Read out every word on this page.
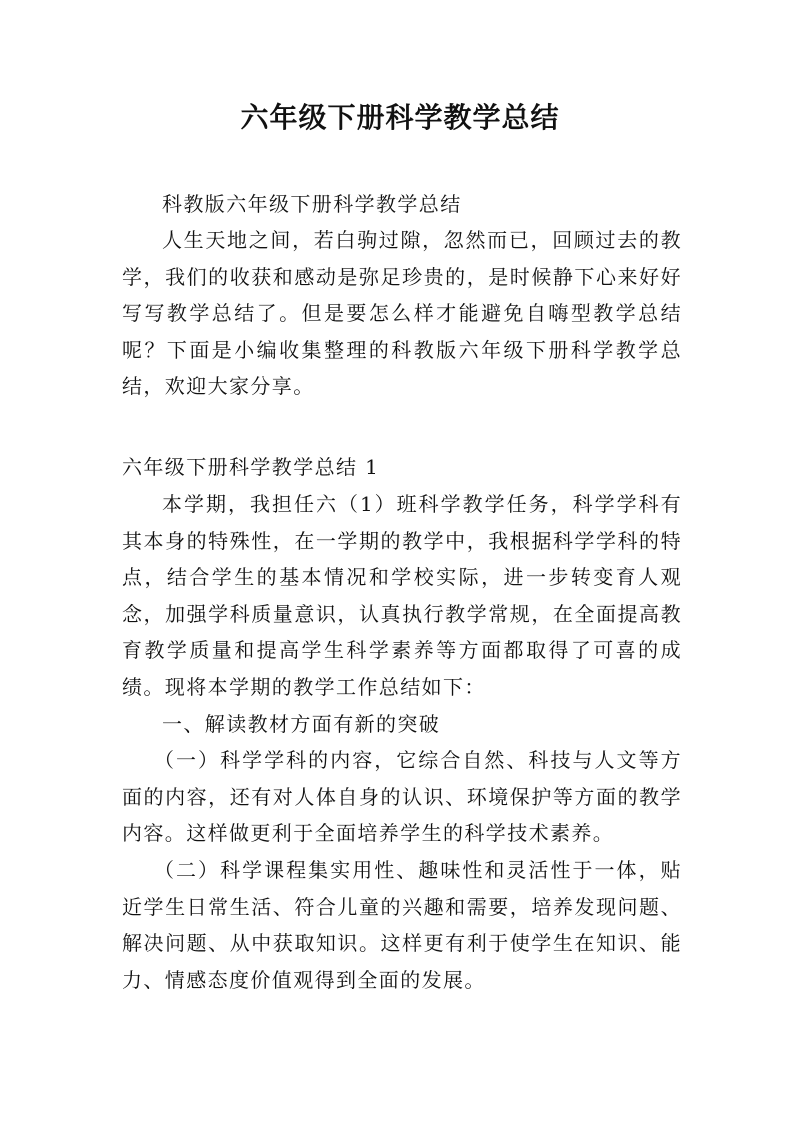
六年级下册科学教学总结

科教版六年级下册科学教学总结

人生天地之间，若白驹过隙，忽然而已，回顾过去的教学，我们的收获和感动是弥足珍贵的，是时候静下心来好好写写教学总结了。但是要怎么样才能避免自嗨型教学总结呢？下面是小编收集整理的科教版六年级下册科学教学总结，欢迎大家分享。

六年级下册科学教学总结 1

本学期，我担任六（1）班科学教学任务，科学学科有其本身的特殊性，在一学期的教学中，我根据科学学科的特点，结合学生的基本情况和学校实际，进一步转变育人观念，加强学科质量意识，认真执行教学常规，在全面提高教育教学质量和提高学生科学素养等方面都取得了可喜的成绩。现将本学期的教学工作总结如下：

一、解读教材方面有新的突破

（一）科学学科的内容，它综合自然、科技与人文等方面的内容，还有对人体自身的认识、环境保护等方面的教学内容。这样做更利于全面培养学生的科学技术素养。

（二）科学课程集实用性、趣味性和灵活性于一体，贴近学生日常生活、符合儿童的兴趣和需要，培养发现问题、解决问题、从中获取知识。这样更有利于使学生在知识、能力、情感态度价值观得到全面的发展。
